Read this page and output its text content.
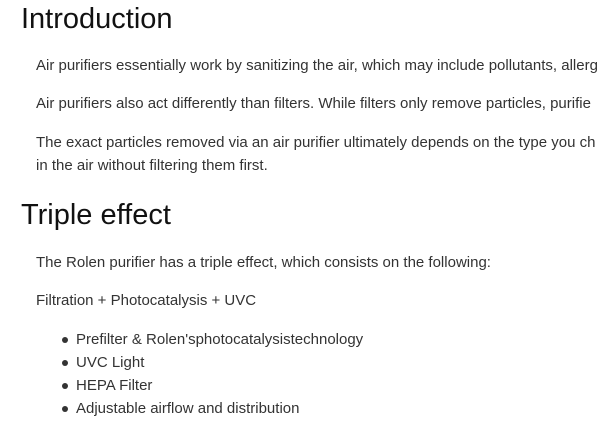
Introduction

Air purifiers essentially work by sanitizing the air, which may include pollutants, allerg

Air purifiers also act differently than filters. While filters only remove particles, purifie

The exact particles removed via an air purifier ultimately depends on the type you ch

in the air without filtering them first.

Triple effect

The Rolen purifier has a triple effect, which consists on the following:

Filtration + Photocatalysis + UVC

Prefilter & Rolen'sphotocatalysistechnology
UVC Light
HEPA Filter
Adjustable airflow and distribution
